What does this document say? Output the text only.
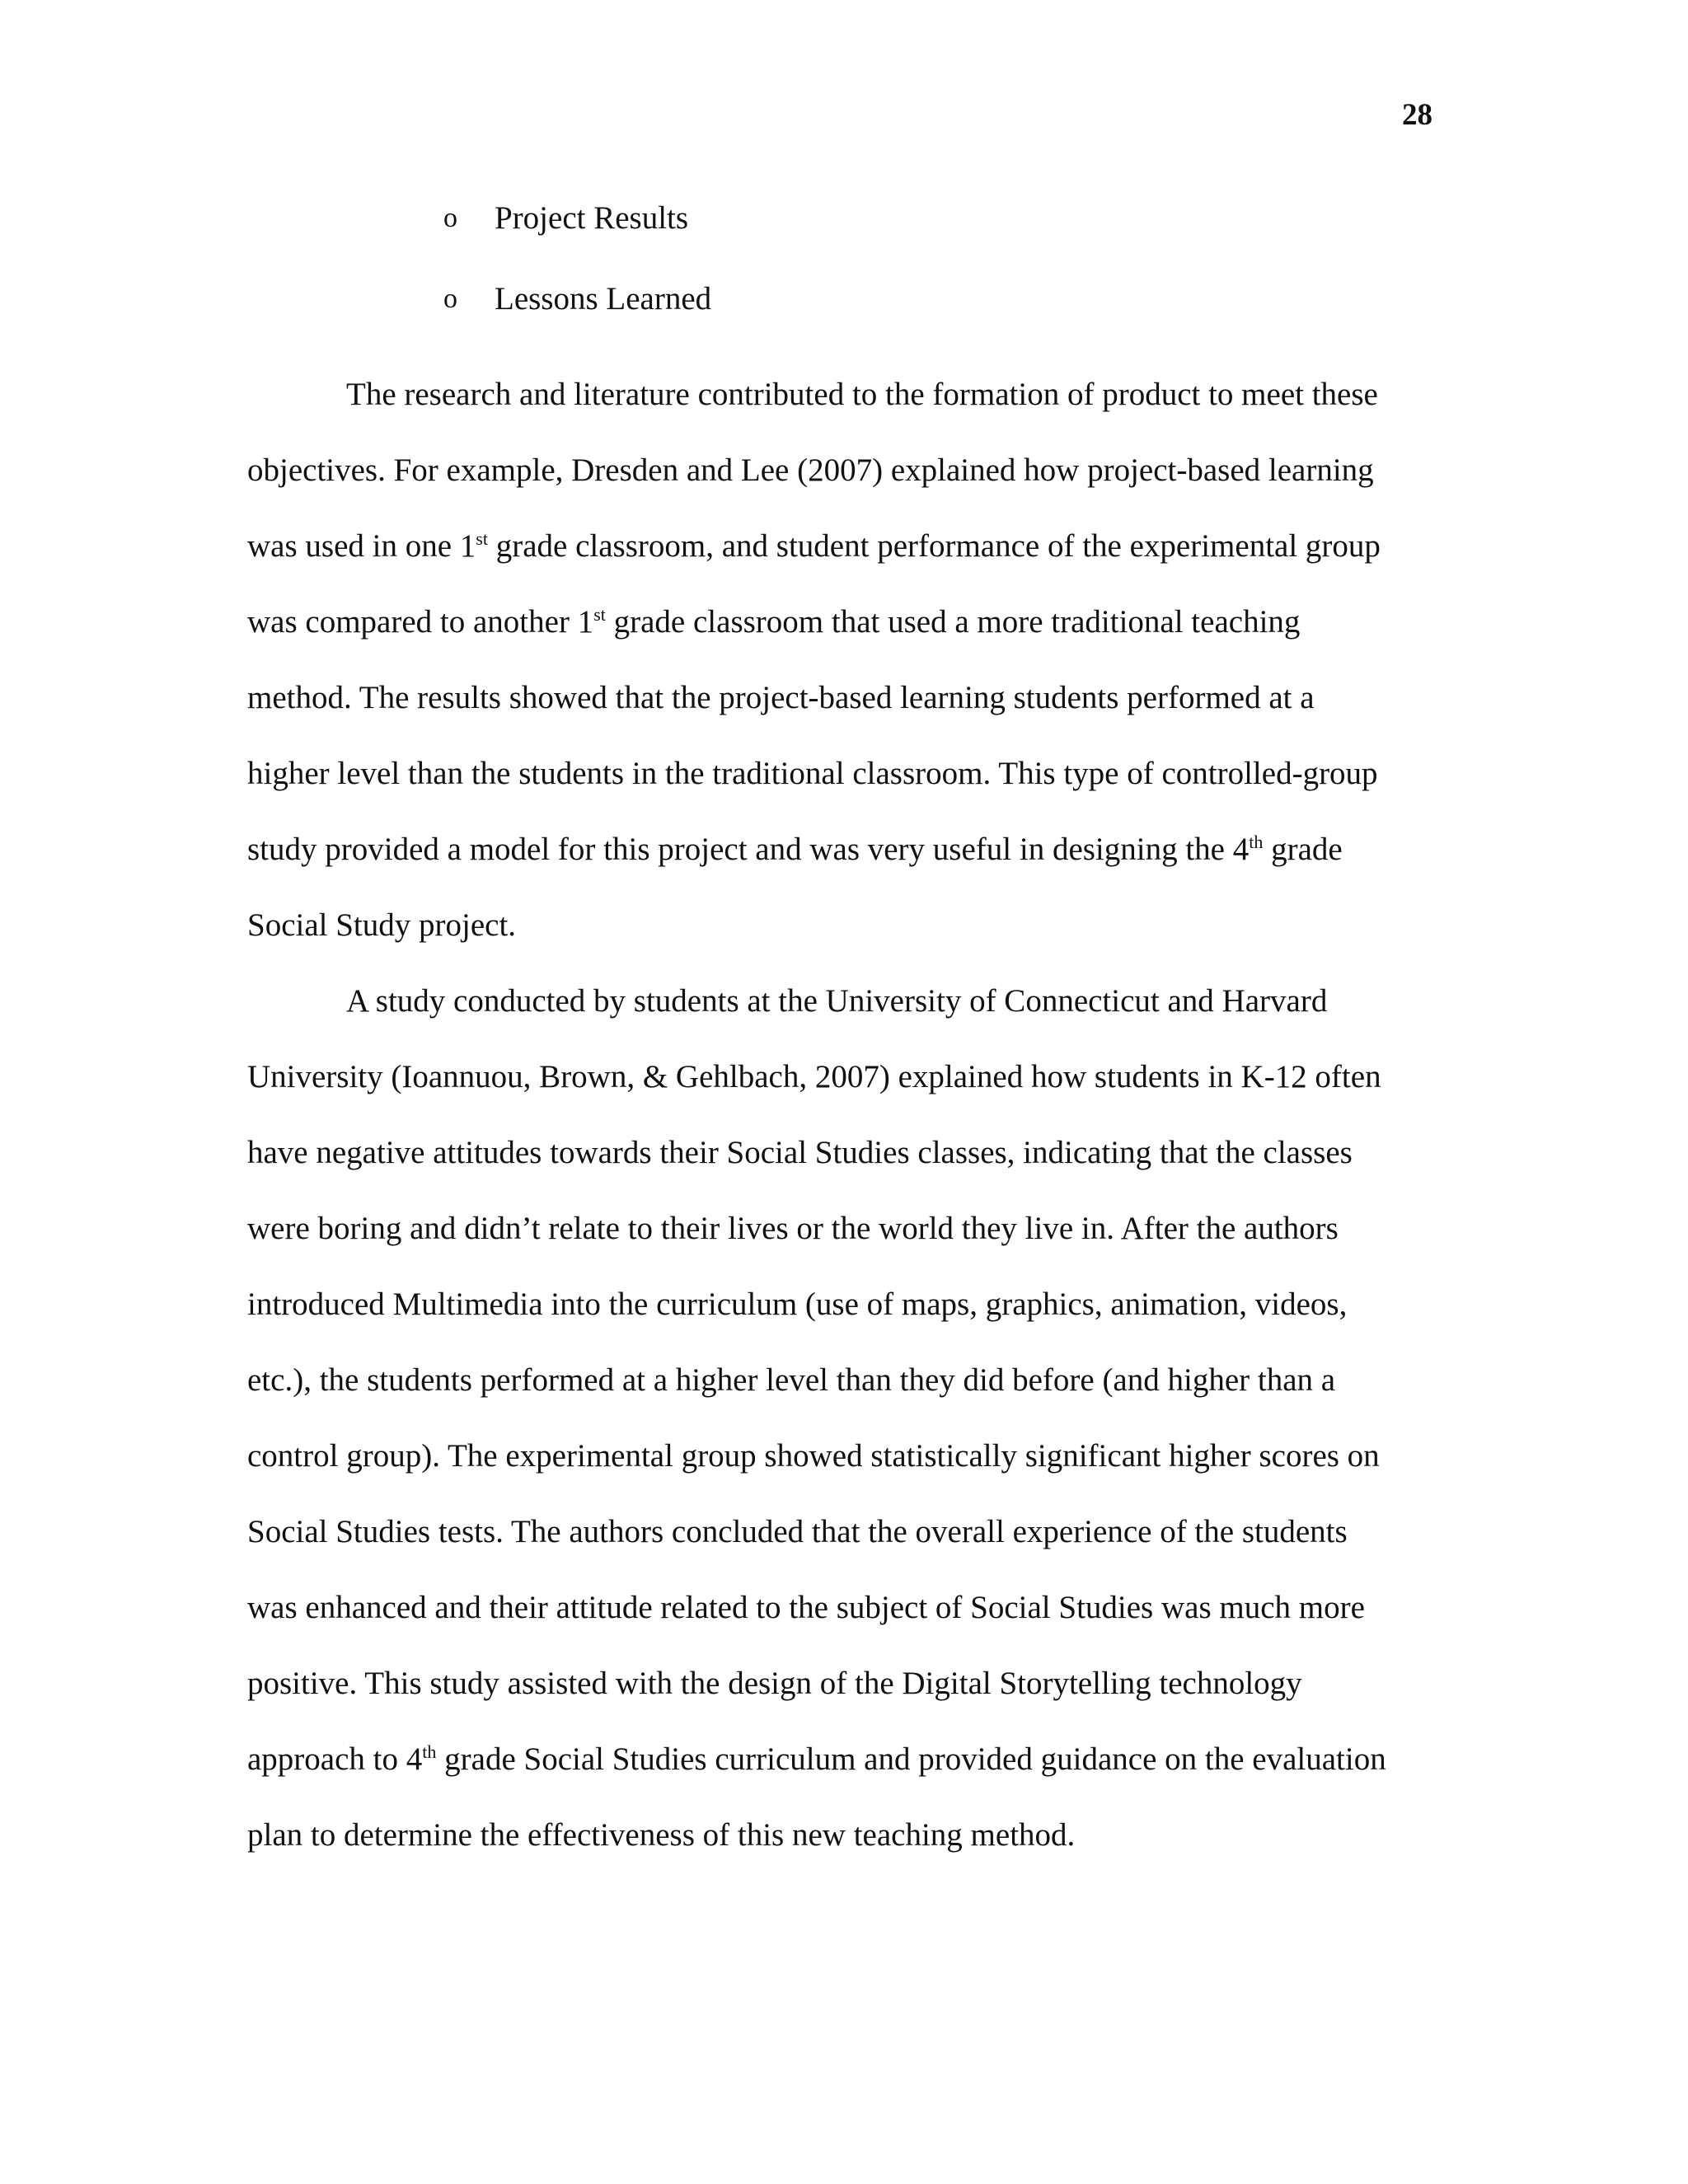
28
o	Project Results
o	Lessons Learned
The research and literature contributed to the formation of product to meet these
objectives. For example, Dresden and Lee (2007) explained how project-based learning
was used in one 1st grade classroom, and student performance of the experimental group
was compared to another 1st grade classroom that used a more traditional teaching
method. The results showed that the project-based learning students performed at a
higher level than the students in the traditional classroom. This type of controlled-group
study provided a model for this project and was very useful in designing the 4th grade
Social Study project.
A study conducted by students at the University of Connecticut and Harvard
University (Ioannuou, Brown, & Gehlbach, 2007) explained how students in K-12 often
have negative attitudes towards their Social Studies classes, indicating that the classes
were boring and didn’t relate to their lives or the world they live in. After the authors
introduced Multimedia into the curriculum (use of maps, graphics, animation, videos,
etc.), the students performed at a higher level than they did before (and higher than a
control group). The experimental group showed statistically significant higher scores on
Social Studies tests. The authors concluded that the overall experience of the students
was enhanced and their attitude related to the subject of Social Studies was much more
positive. This study assisted with the design of the Digital Storytelling technology
approach to 4th grade Social Studies curriculum and provided guidance on the evaluation
plan to determine the effectiveness of this new teaching method.
